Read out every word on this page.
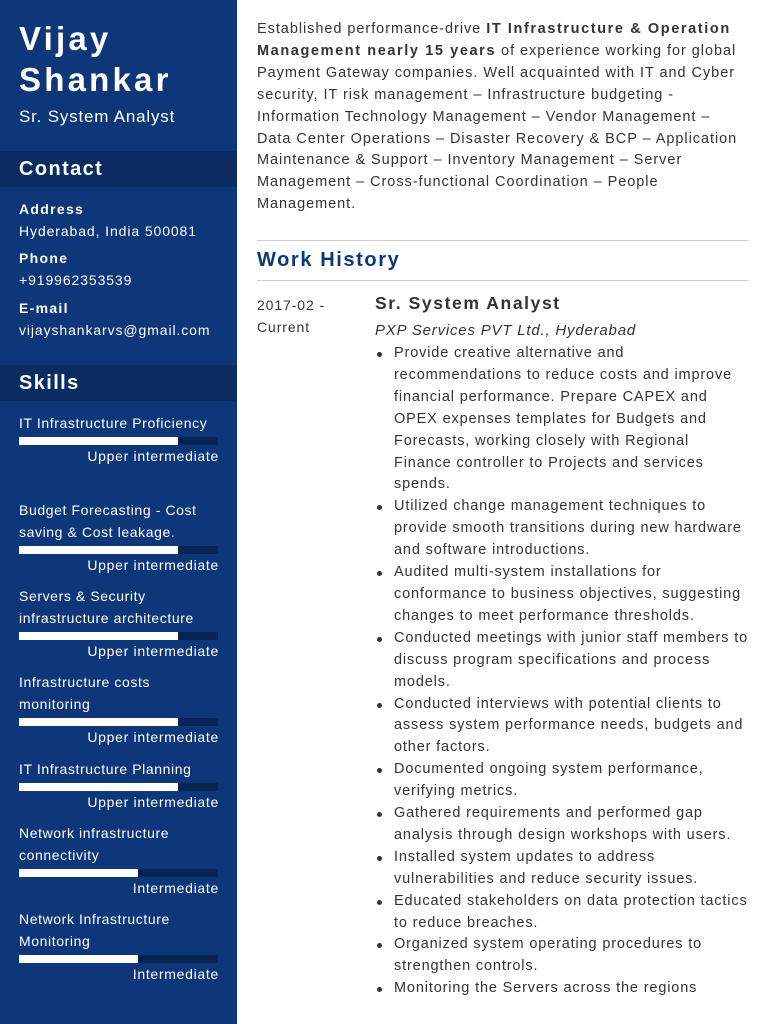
Vijay Shankar
Sr. System Analyst
Contact
Address
Hyderabad, India 500081
Phone
+919962353539
E-mail
vijayshankarvs@gmail.com
Skills
IT Infrastructure Proficiency
Upper intermediate
Budget Forecasting - Cost saving & Cost leakage.
Upper intermediate
Servers & Security infrastructure architecture
Upper intermediate
Infrastructure costs monitoring
Upper intermediate
IT Infrastructure Planning
Upper intermediate
Network infrastructure connectivity
Intermediate
Network Infrastructure Monitoring
Intermediate
Established performance-drive IT Infrastructure & Operation Management nearly 15 years of experience working for global Payment Gateway companies. Well acquainted with IT and Cyber security, IT risk management – Infrastructure budgeting - Information Technology Management – Vendor Management – Data Center Operations – Disaster Recovery & BCP – Application Maintenance & Support – Inventory Management – Server Management – Cross-functional Coordination – People Management.
Work History
2017-02 - Current
Sr. System Analyst
PXP Services PVT Ltd., Hyderabad
Provide creative alternative and recommendations to reduce costs and improve financial performance. Prepare CAPEX and OPEX expenses templates for Budgets and Forecasts, working closely with Regional Finance controller to Projects and services spends.
Utilized change management techniques to provide smooth transitions during new hardware and software introductions.
Audited multi-system installations for conformance to business objectives, suggesting changes to meet performance thresholds.
Conducted meetings with junior staff members to discuss program specifications and process models.
Conducted interviews with potential clients to assess system performance needs, budgets and other factors.
Documented ongoing system performance, verifying metrics.
Gathered requirements and performed gap analysis through design workshops with users.
Installed system updates to address vulnerabilities and reduce security issues.
Educated stakeholders on data protection tactics to reduce breaches.
Organized system operating procedures to strengthen controls.
Monitoring the Servers across the regions
